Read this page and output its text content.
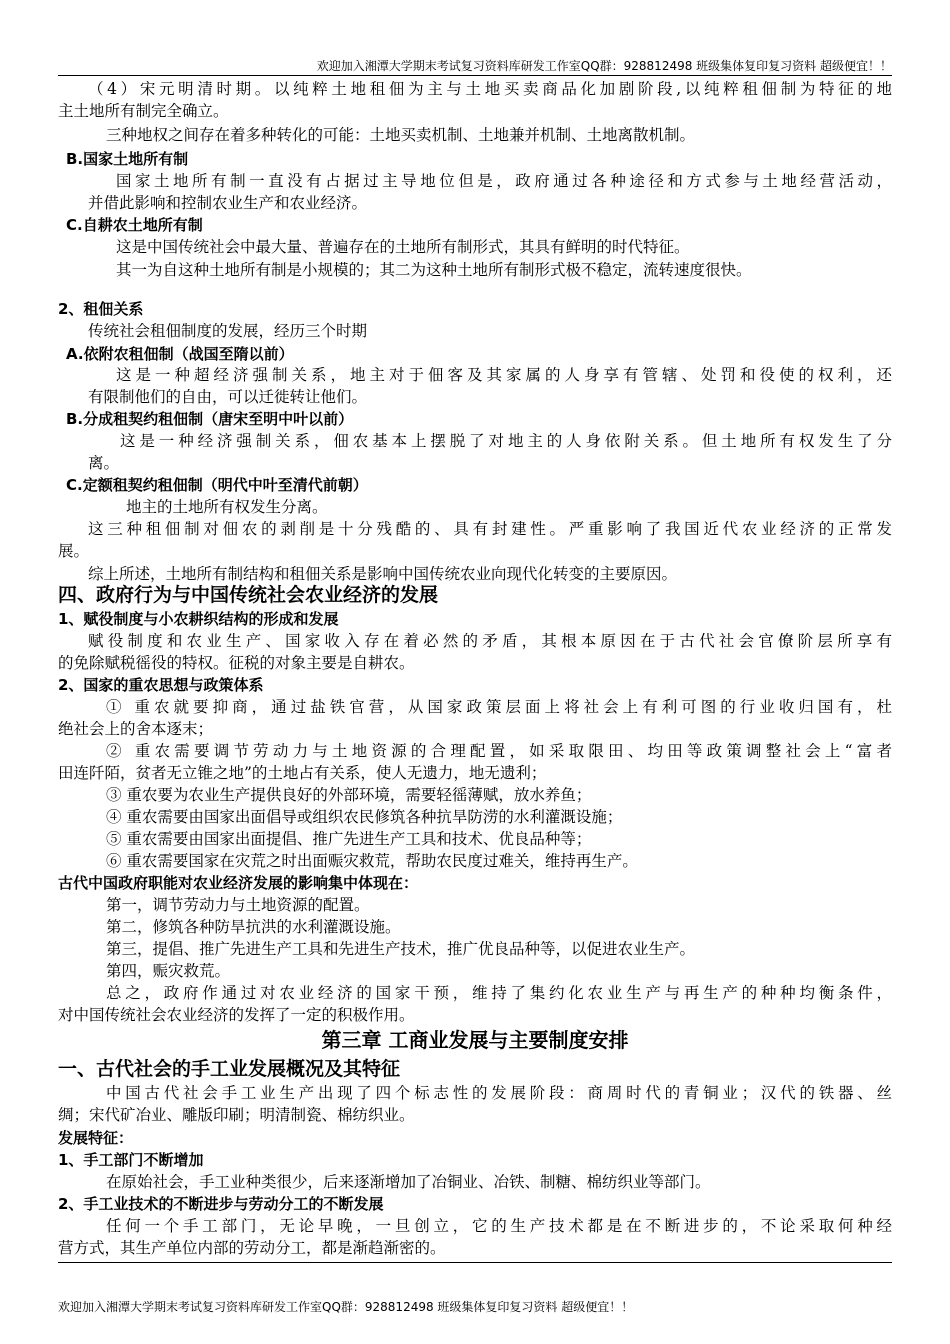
欢迎加入湘潭大学期末考试复习资料库研发工作室QQ群：928812498 班级集体复印复习资料 超级便宜！！
（4）宋元明清时期。以纯粹土地租佃为主与土地买卖商品化加剧阶段,以纯粹租佃制为特征的地
主土地所有制完全确立。
三种地权之间存在着多种转化的可能：土地买卖机制、土地兼并机制、土地离散机制。
B.国家土地所有制
国家土地所有制一直没有占据过主导地位但是，政府通过各种途径和方式参与土地经营活动，
并借此影响和控制农业生产和农业经济。
C.自耕农土地所有制
这是中国传统社会中最大量、普遍存在的土地所有制形式，其具有鲜明的时代特征。
其一为自这种土地所有制是小规模的；其二为这种土地所有制形式极不稳定，流转速度很快。
2、租佃关系
传统社会租佃制度的发展，经历三个时期
A.依附农租佃制（战国至隋以前）
这是一种超经济强制关系，地主对于佃客及其家属的人身享有管辖、处罚和役使的权利，还
有限制他们的自由，可以迁徙转让他们。
B.分成租契约租佃制（唐宋至明中叶以前）
这是一种经济强制关系，佃农基本上摆脱了对地主的人身依附关系。但土地所有权发生了分
离。
C.定额租契约租佃制（明代中叶至清代前朝）
地主的土地所有权发生分离。
这三种租佃制对佃农的剥削是十分残酷的、具有封建性。严重影响了我国近代农业经济的正常发
展。
综上所述，土地所有制结构和租佃关系是影响中国传统农业向现代化转变的主要原因。
四、政府行为与中国传统社会农业经济的发展
1、赋役制度与小农耕织结构的形成和发展
赋役制度和农业生产、国家收入存在着必然的矛盾，其根本原因在于古代社会官僚阶层所享有
的免除赋税徭役的特权。征税的对象主要是自耕农。
2、国家的重农思想与政策体系
① 重农就要抑商，通过盐铁官营，从国家政策层面上将社会上有利可图的行业收归国有，杜
绝社会上的舍本逐末；
② 重农需要调节劳动力与土地资源的合理配置，如采取限田、均田等政策调整社会上“富者
田连阡陌，贫者无立锥之地”的土地占有关系，使人无遗力，地无遗利；
③ 重农要为农业生产提供良好的外部环境，需要轻徭薄赋，放水养鱼；
④ 重农需要由国家出面倡导或组织农民修筑各种抗旱防涝的水利灌溉设施；
⑤ 重农需要由国家出面提倡、推广先进生产工具和技术、优良品种等；
⑥ 重农需要国家在灾荒之时出面赈灾救荒，帮助农民度过难关，维持再生产。
古代中国政府职能对农业经济发展的影响集中体现在：
第一，调节劳动力与土地资源的配置。
第二，修筑各种防旱抗洪的水利灌溉设施。
第三，提倡、推广先进生产工具和先进生产技术，推广优良品种等，以促进农业生产。
第四，赈灾救荒。
总之，政府作通过对农业经济的国家干预，维持了集约化农业生产与再生产的种种均衡条件，
对中国传统社会农业经济的发挥了一定的积极作用。
第三章 工商业发展与主要制度安排
一、古代社会的手工业发展概况及其特征
中国古代社会手工业生产出现了四个标志性的发展阶段：商周时代的青铜业；汉代的铁器、丝
绸；宋代矿冶业、雕版印刷；明清制瓷、棉纺织业。
发展特征：
1、手工部门不断增加
在原始社会，手工业种类很少，后来逐渐增加了冶铜业、冶铁、制糖、棉纺织业等部门。
2、手工业技术的不断进步与劳动分工的不断发展
任何一个手工部门，无论早晚，一旦创立，它的生产技术都是在不断进步的，不论采取何种经
营方式，其生产单位内部的劳动分工，都是渐趋渐密的。
欢迎加入湘潭大学期末考试复习资料库研发工作室QQ群：928812498 班级集体复印复习资料 超级便宜！！
